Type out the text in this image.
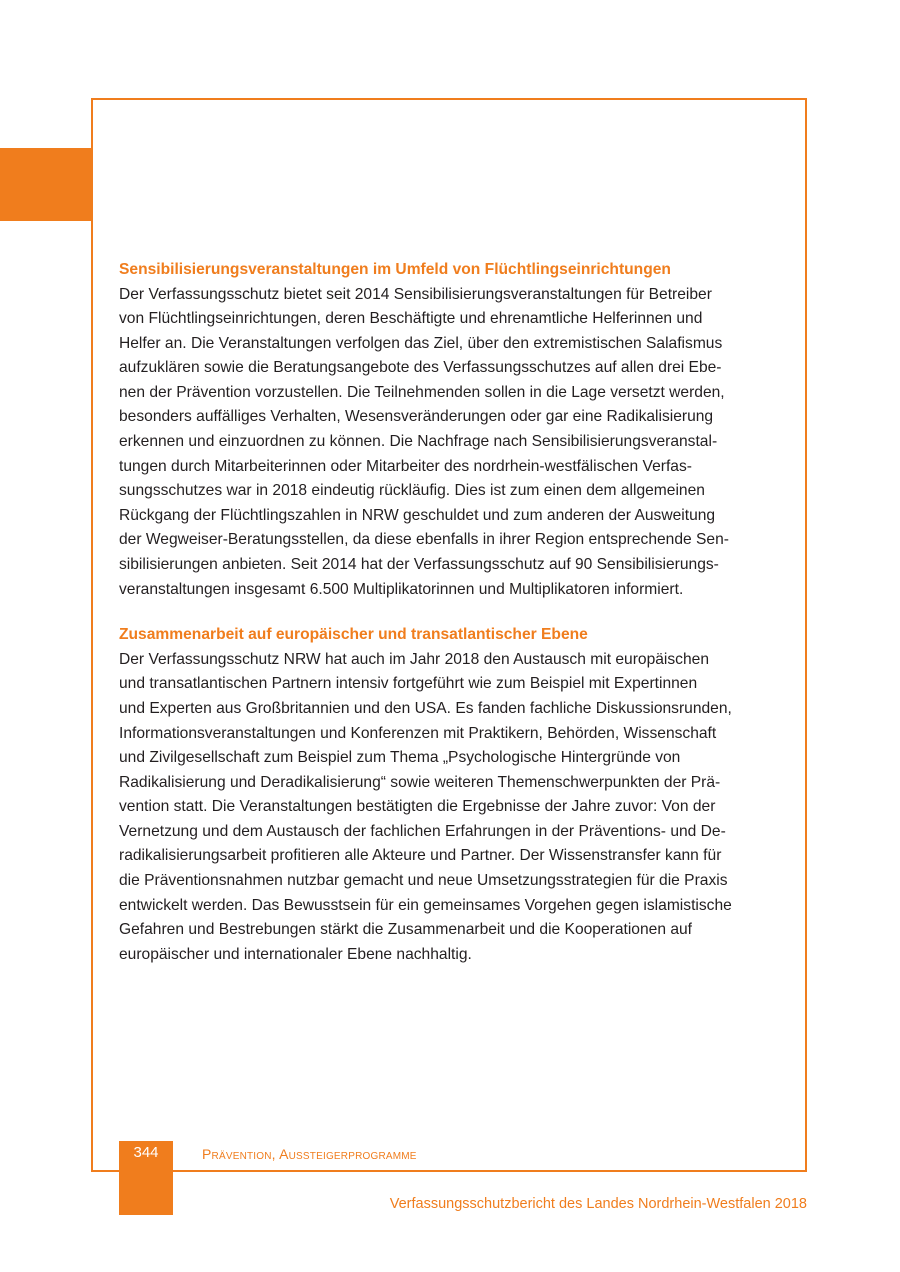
Sensibilisierungsveranstaltungen im Umfeld von Flüchtlingseinrichtungen

Der Verfassungsschutz bietet seit 2014 Sensibilisierungsveranstaltungen für Betreiber
von Flüchtlingseinrichtungen, deren Beschäftigte und ehrenamtliche Helferinnen und
Helfer an. Die Veranstaltungen verfolgen das Ziel, über den extremistischen Salafismus
aufzuklären sowie die Beratungsangebote des Verfassungsschutzes auf allen drei Ebe-
nen der Prävention vorzustellen. Die Teilnehmenden sollen in die Lage versetzt werden,
besonders auffälliges Verhalten, Wesensveränderungen oder gar eine Radikalisierung
erkennen und einzuordnen zu können. Die Nachfrage nach Sensibilisierungsveranstal-
tungen durch Mitarbeiterinnen oder Mitarbeiter des nordrhein-westfälischen Verfas-
sungsschutzes war in 2018 eindeutig rückläufig. Dies ist zum einen dem allgemeinen
Rückgang der Flüchtlingszahlen in NRW geschuldet und zum anderen der Ausweitung
der Wegweiser-Beratungsstellen, da diese ebenfalls in ihrer Region entsprechende Sen-
sibilisierungen anbieten. Seit 2014 hat der Verfassungsschutz auf 90 Sensibilisierungs-
veranstaltungen insgesamt 6.500 Multiplikatorinnen und Multiplikatoren informiert.

Zusammenarbeit auf europäischer und transatlantischer Ebene

Der Verfassungsschutz NRW hat auch im Jahr 2018 den Austausch mit europäischen
und transatlantischen Partnern intensiv fortgeführt wie zum Beispiel mit Expertinnen
und Experten aus Großbritannien und den USA. Es fanden fachliche Diskussionsrunden,
Informationsveranstaltungen und Konferenzen mit Praktikern, Behörden, Wissenschaft
und Zivilgesellschaft zum Beispiel zum Thema „Psychologische Hintergründe von
Radikalisierung und Deradikalisierung“ sowie weiteren Themenschwerpunkten der Prä-
vention statt. Die Veranstaltungen bestätigten die Ergebnisse der Jahre zuvor: Von der
Vernetzung und dem Austausch der fachlichen Erfahrungen in der Präventions- und De-
radikalisierungsarbeit profitieren alle Akteure und Partner. Der Wissenstransfer kann für
die Präventionsnahmen nutzbar gemacht und neue Umsetzungsstrategien für die Praxis
entwickelt werden. Das Bewusstsein für ein gemeinsames Vorgehen gegen islamistische
Gefahren und Bestrebungen stärkt die Zusammenarbeit und die Kooperationen auf
europäischer und internationaler Ebene nachhaltig.

344	Prävention, Aussteigerprogramme
Verfassungsschutzbericht des Landes Nordrhein-Westfalen 2018
